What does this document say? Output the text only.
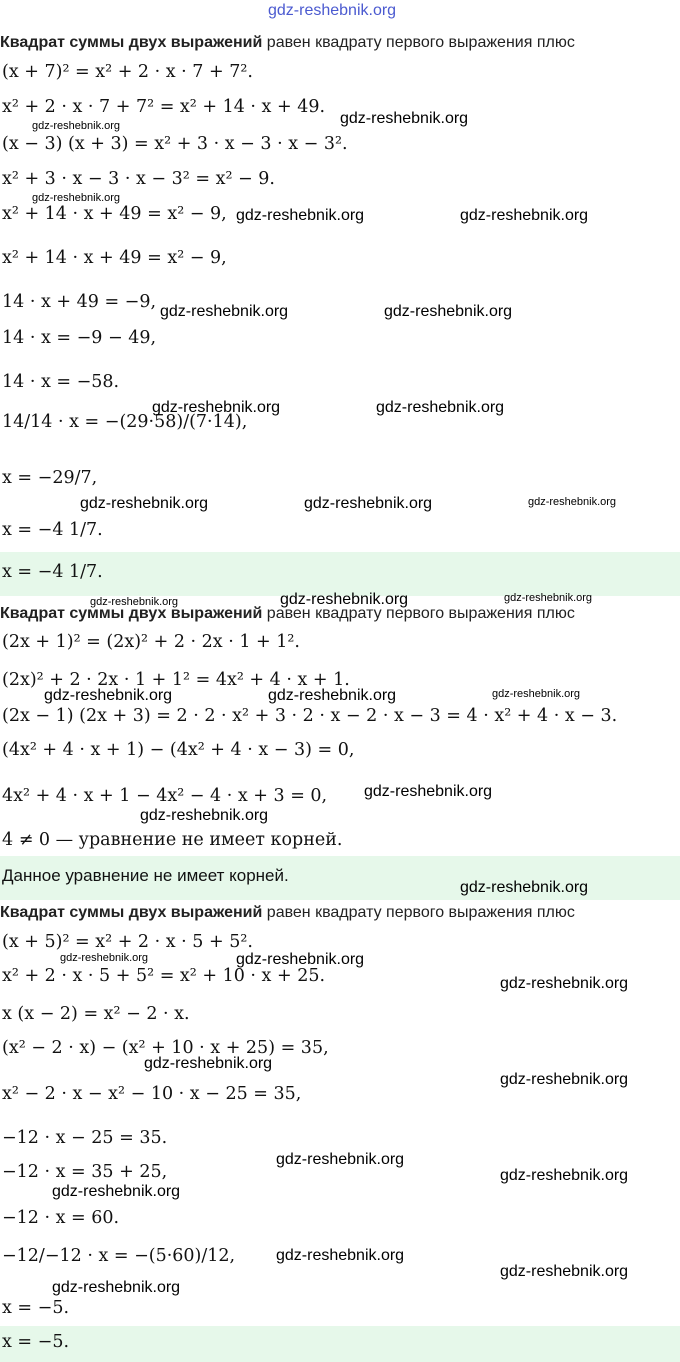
gdz-reshebnik.org
Квадрат суммы двух выражений равен квадрату первого выражения плюс
(x + 7)² = x² + 2 · x · 7 + 7².
x² + 2 · x · 7 + 7² = x² + 14 · x + 49.
(x − 3) (x + 3) = x² + 3 · x − 3 · x − 3².
x² + 3 · x − 3 · x − 3² = x² − 9.
x² + 14 · x + 49 = x² − 9,
x² + 14 · x + 49 = x² − 9,
14 · x + 49 = −9,
14 · x = −9 − 49,
14 · x = −58.
14/14 · x = −(29·58)/(7·14),
x = −29/7,
x = −4 1/7.
x = −4 1/7.
Квадрат суммы двух выражений равен квадрату первого выражения плюс
(2x + 1)² = (2x)² + 2 · 2x · 1 + 1².
(2x)² + 2 · 2x · 1 + 1² = 4x² + 4 · x + 1.
(2x − 1) (2x + 3) = 2 · 2 · x² + 3 · 2 · x − 2 · x − 3 = 4 · x² + 4 · x − 3.
(4x² + 4 · x + 1) − (4x² + 4 · x − 3) = 0,
4x² + 4 · x + 1 − 4x² − 4 · x + 3 = 0,
4 ≠ 0 — уравнение не имеет корней.
Данное уравнение не имеет корней.
Квадрат суммы двух выражений равен квадрату первого выражения плюс
(x + 5)² = x² + 2 · x · 5 + 5².
x² + 2 · x · 5 + 5² = x² + 10 · x + 25.
x (x − 2) = x² − 2 · x.
(x² − 2 · x) − (x² + 10 · x + 25) = 35,
x² − 2 · x − x² − 10 · x − 25 = 35,
−12 · x − 25 = 35.
−12 · x = 35 + 25,
−12 · x = 60.
−12/−12 · x = −(5·60)/12,
x = −5.
x = −5.
gdz-reshebnik.org	gdz-reshebnik.org
gdz-reshebnik.org
gdz-reshebnik.org	gdz-reshebnik.org
gdz-reshebnik.org	gdz-reshebnik.org
gdz-reshebnik.org	gdz-reshebnik.org
gdz-reshebnik.org	gdz-reshebnik.org	gdz-reshebnik.org
gdz-reshebnik.org	gdz-reshebnik.org	gdz-reshebnik.org
gdz-reshebnik.org	gdz-reshebnik.org	gdz-reshebnik.org
gdz-reshebnik.org
gdz-reshebnik.org
gdz-reshebnik.org
gdz-reshebnik.org	gdz-reshebnik.org
gdz-reshebnik.org
gdz-reshebnik.org
gdz-reshebnik.org
gdz-reshebnik.org
gdz-reshebnik.org
gdz-reshebnik.org
gdz-reshebnik.org
gdz-reshebnik.org
gdz-reshebnik.org
